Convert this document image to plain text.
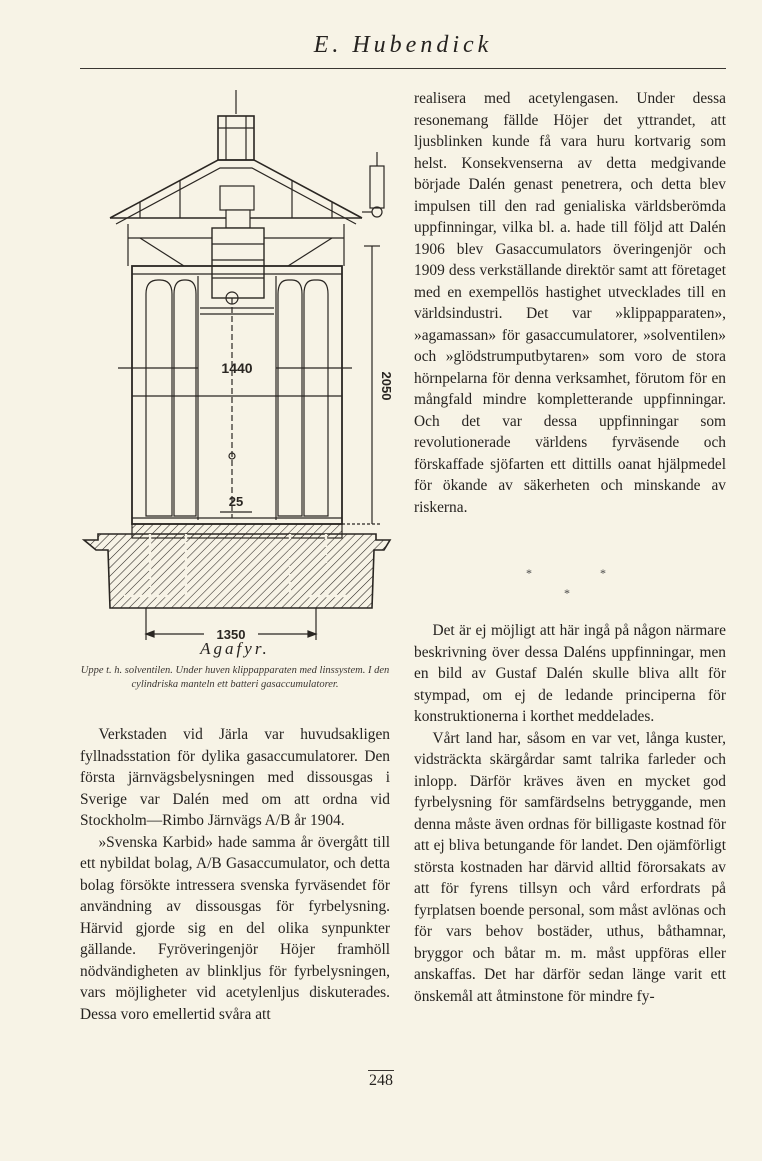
E. Hubendick
1440
2050
25
1350
Agafyr.
Uppe t. h. solventilen. Under huven klippapparaten med linssystem. I den cylindriska manteln ett batteri gasaccumulatorer.

Verkstaden vid Järla var huvudsakligen fyllnadsstation för dylika gasaccumulatorer. Den första järnvägsbelysningen med dissousgas i Sverige var Dalén med om att ordna vid Stockholm—Rimbo Järnvägs A/B år 1904.

»Svenska Karbid» hade samma år övergått till ett nybildat bolag, A/B Gasaccumulator, och detta bolag försökte intressera svenska fyrväsendet för användning av dissousgas för fyrbelysning. Härvid gjorde sig en del olika synpunkter gällande. Fyröveringenjör Höjer framhöll nödvändigheten av blinkljus för fyrbelysningen, vars möjligheter vid acetylenljus diskuterades. Dessa voro emellertid svåra att

realisera med acetylengasen. Under dessa resonemang fällde Höjer det yttrandet, att ljusblinken kunde få vara huru kortvarig som helst. Konsekvenserna av detta medgivande började Dalén genast penetrera, och detta blev impulsen till den rad genialiska världsberömda uppfinningar, vilka bl. a. hade till följd att Dalén 1906 blev Gasaccumulators överingenjör och 1909 dess verkställande direktör samt att företaget med en exempellös hastighet utvecklades till en världsindustri. Det var »klippapparaten», »agamassan» för gasaccumulatorer, »solventilen» och »glödstrumputbytaren» som voro de stora hörnpelarna för denna verksamhet, förutom för en mångfald mindre kompletterande uppfinningar. Och det var dessa uppfinningar som revolutionerade världens fyrväsende och förskaffade sjöfarten ett dittills oanat hjälpmedel för ökande av säkerheten och minskande av riskerna.

*	*
*

Det är ej möjligt att här ingå på någon närmare beskrivning över dessa Daléns uppfinningar, men en bild av Gustaf Dalén skulle bliva allt för stympad, om ej de ledande principerna för konstruktionerna i korthet meddelades.

Vårt land har, såsom en var vet, långa kuster, vidsträckta skärgårdar samt talrika farleder och inlopp. Därför kräves även en mycket god fyrbelysning för samfärdselns betryggande, men denna måste även ordnas för billigaste kostnad för att ej bliva betungande för landet. Den ojämförligt största kostnaden har därvid alltid förorsakats av att för fyrens tillsyn och vård erfordrats på fyrplatsen boende personal, som måst avlönas och för vars behov bostäder, uthus, båthamnar, bryggor och båtar m. m. måst uppföras eller anskaffas. Det har därför sedan länge varit ett önskemål att åtminstone för mindre fy-

248
